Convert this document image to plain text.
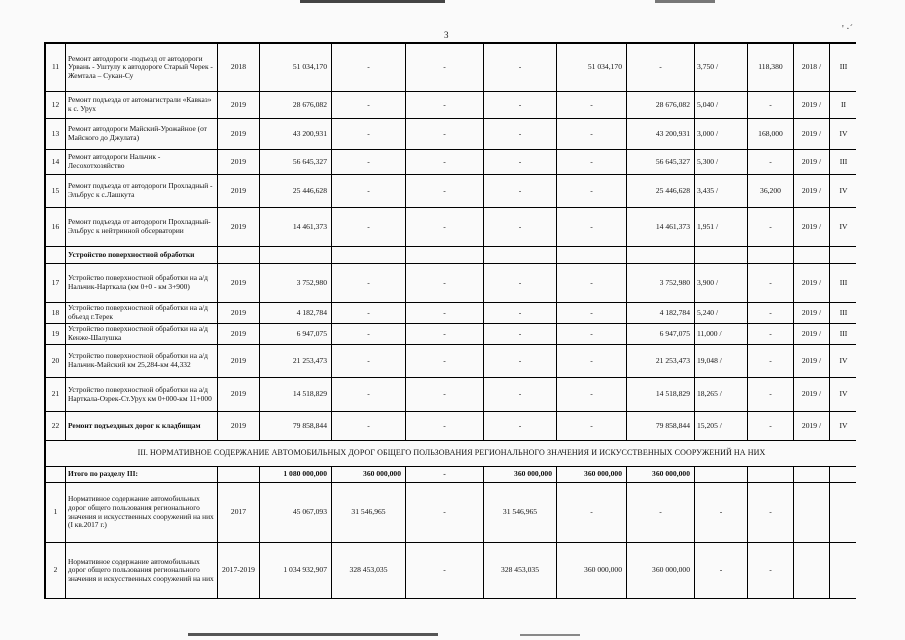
3	' ·ˊ
11	Ремонт автодороги -подъезд от автодороги Урвань - Уштулу к автодороге Старый Черек - Жемтала – Сукан-Су	2018	51 034,170	-	-	-	51 034,170	-	3,750 /	118,380	2018 /	III
12	Ремонт подъезда от автомагистрали «Кавказ» к с. Урух	2019	28 676,082	-	-	-	-	28 676,082	5,040 /	-	2019 /	II
13	Ремонт автодороги Майский-Урожайное (от Майского до Джулата)	2019	43 200,931	-	-	-	-	43 200,931	3,000 /	168,000	2019 /	IV
14	Ремонт автодороги Нальчик - Лесохотхозяйство	2019	56 645,327	-	-	-	-	56 645,327	5,300 /	-	2019 /	III
15	Ремонт подъезда от автодороги Прохладный - Эльбрус к с.Лашкута	2019	25 446,628	-	-	-	-	25 446,628	3,435 /	36,200	2019 /	IV
16	Ремонт подъезда от автодороги Прохладный-Эльбрус к нейтринной обсерватории	2019	14 461,373	-	-	-	-	14 461,373	1,951 /	-	2019 /	IV
	Устройство поверхностной обработки											
17	Устройство поверхностной обработки на а/д Нальчик-Нарткала (км 0+0 - км 3+900)	2019	3 752,980	-	-	-	-	3 752,980	3,900 /	-	2019 /	III
18	Устройство поверхностной обработки на а/д объезд г.Терек	2019	4 182,784	-	-	-	-	4 182,784	5,240 /	-	2019 /	III
19	Устройство поверхностной обработки на а/д Кенже-Шалушка	2019	6 947,075	-	-	-	-	6 947,075	11,000 /	-	2019 /	III
20	Устройство поверхностной обработки на а/д Нальчик-Майский км 25,284-км 44,332	2019	21 253,473	-	-	-	-	21 253,473	19,048 /	-	2019 /	IV
21	Устройство поверхностной обработки на а/д Нарткала-Озрек-Ст.Урух км 0+000-км 11+000	2019	14 518,829	-	-	-	-	14 518,829	18,265 /	-	2019 /	IV
22	Ремонт подъездных дорог к кладбищам	2019	79 858,844	-	-	-	-	79 858,844	15,205 /	-	2019 /	IV
III. НОРМАТИВНОЕ СОДЕРЖАНИЕ АВТОМОБИЛЬНЫХ ДОРОГ ОБЩЕГО ПОЛЬЗОВАНИЯ РЕГИОНАЛЬНОГО ЗНАЧЕНИЯ И ИСКУССТВЕННЫХ СООРУЖЕНИЙ НА НИХ												
	Итого по разделу III:		1 080 000,000	360 000,000	-	360 000,000	360 000,000	360 000,000				
1	Нормативное содержание автомобильных дорог общего пользования регионального значения и искусственных сооружений на них (I кв.2017 г.)	2017	45 067,093	31 546,965	-	31 546,965	-	-	-	-		
2	Нормативное содержание автомобильных дорог общего пользования регионального значения и искусственных сооружений на них	2017-2019	1 034 932,907	328 453,035	-	328 453,035	360 000,000	360 000,000	-	-		
